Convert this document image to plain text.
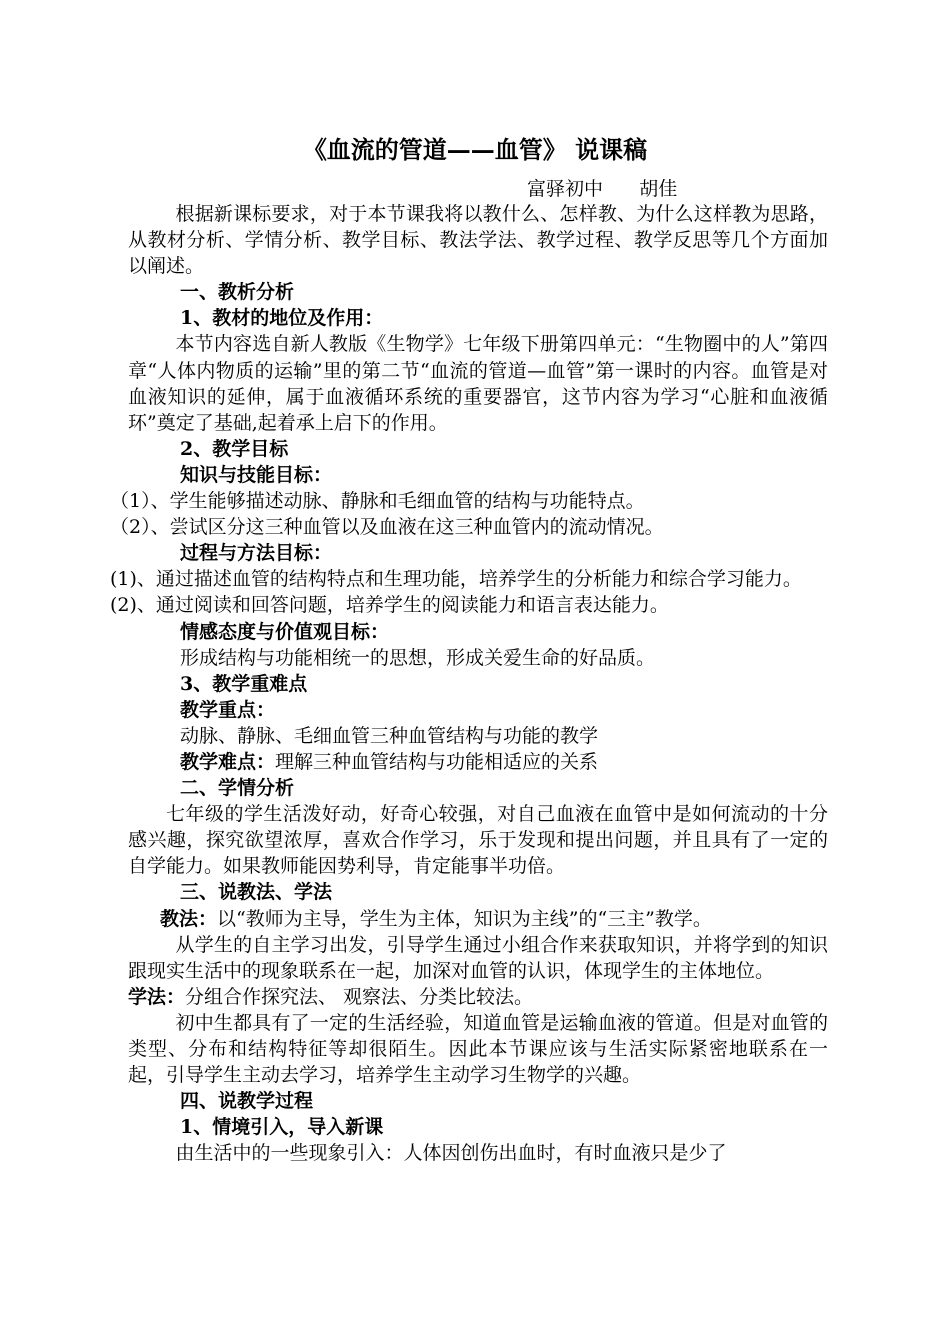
《血流的管道——血管》 说课稿
富驿初中      胡佳

根据新课标要求，对于本节课我将以教什么、怎样教、为什么这样教为思路，从教材分析、学情分析、教学目标、教法学法、教学过程、教学反思等几个方面加以阐述。

一、教析分析

1、教材的地位及作用：

本节内容选自新人教版《生物学》七年级下册第四单元：“生物圈中的人”第四章“人体内物质的运输”里的第二节“血流的管道—血管”第一课时的内容。血管是对血液知识的延伸，属于血液循环系统的重要器官，这节内容为学习“心脏和血液循环”奠定了基础,起着承上启下的作用。

2、教学目标

知识与技能目标：

（1）、学生能够描述动脉、静脉和毛细血管的结构与功能特点。

（2）、尝试区分这三种血管以及血液在这三种血管内的流动情况。

过程与方法目标：

(1)、通过描述血管的结构特点和生理功能，培养学生的分析能力和综合学习能力。

(2)、通过阅读和回答问题，培养学生的阅读能力和语言表达能力。

情感态度与价值观目标：

形成结构与功能相统一的思想，形成关爱生命的好品质。

3、教学重难点

教学重点：

动脉、静脉、毛细血管三种血管结构与功能的教学

教学难点：理解三种血管结构与功能相适应的关系

二、学情分析

七年级的学生活泼好动，好奇心较强，对自己血液在血管中是如何流动的十分感兴趣，探究欲望浓厚，喜欢合作学习，乐于发现和提出问题，并且具有了一定的自学能力。如果教师能因势利导，肯定能事半功倍。

三、说教法、学法

教法：以“教师为主导，学生为主体，知识为主线”的“三主”教学。

从学生的自主学习出发，引导学生通过小组合作来获取知识，并将学到的知识跟现实生活中的现象联系在一起，加深对血管的认识，体现学生的主体地位。

学法：分组合作探究法、 观察法、分类比较法。

初中生都具有了一定的生活经验，知道血管是运输血液的管道。但是对血管的类型、分布和结构特征等却很陌生。因此本节课应该与生活实际紧密地联系在一起，引导学生主动去学习，培养学生主动学习生物学的兴趣。

四、说教学过程

1、情境引入，导入新课

由生活中的一些现象引入：人体因创伤出血时，有时血液只是少了
